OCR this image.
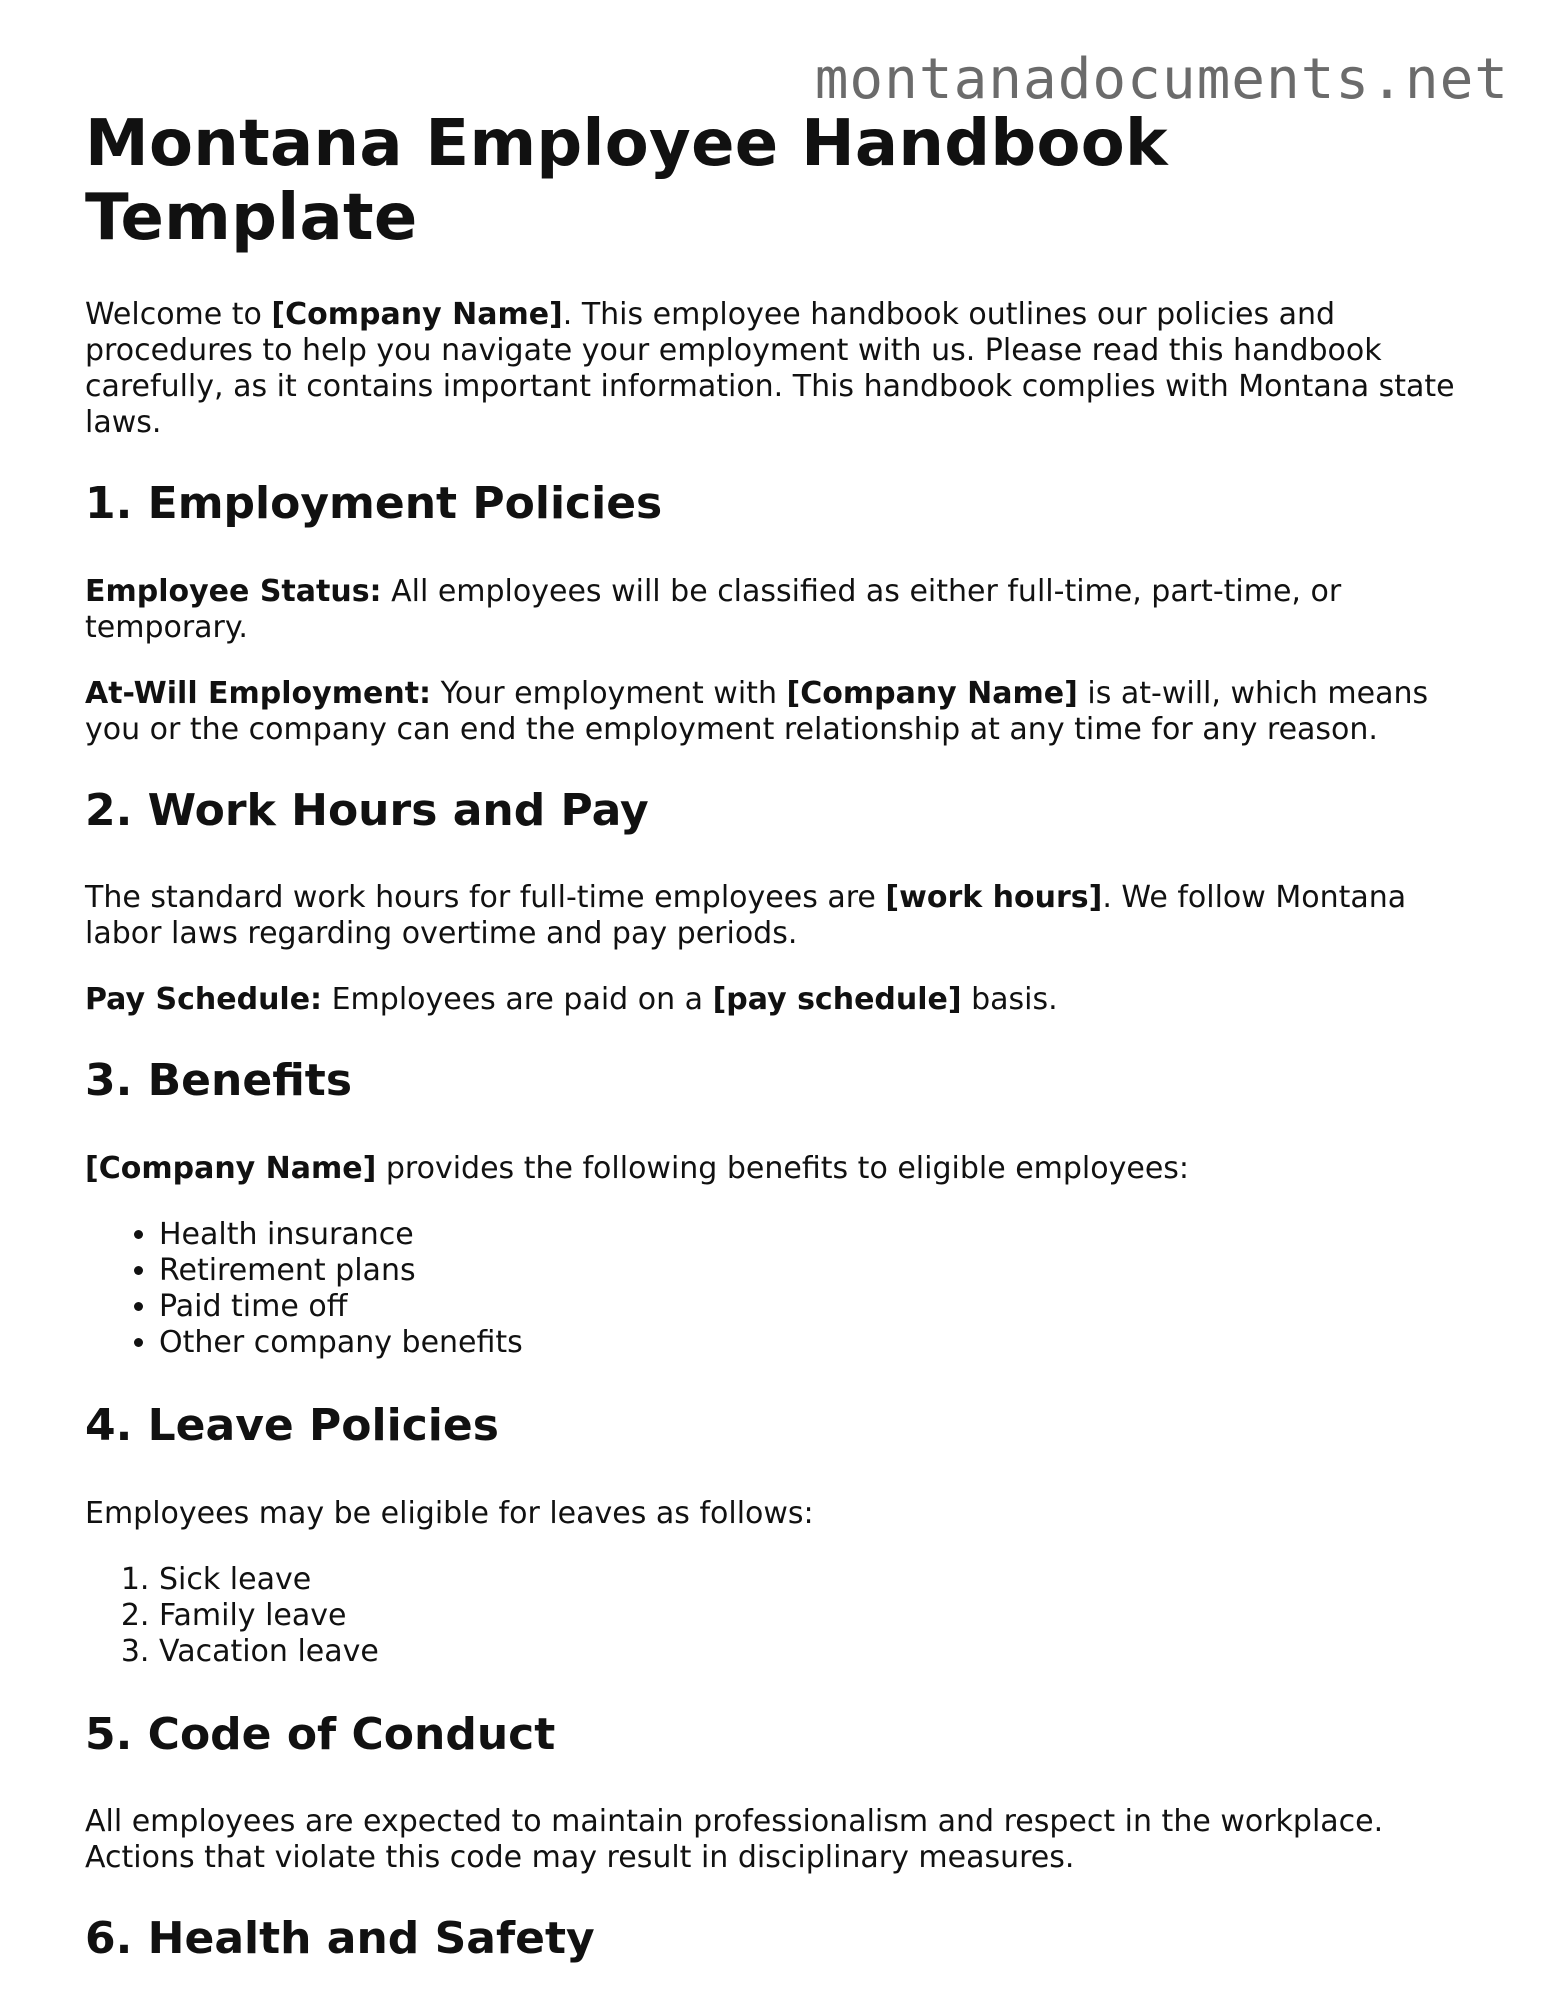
montanadocuments.net
Montana Employee Handbook Template

Welcome to [Company Name]. This employee handbook outlines our policies and procedures to help you navigate your employment with us. Please read this handbook carefully, as it contains important information. This handbook complies with Montana state laws.

1. Employment Policies

Employee Status: All employees will be classified as either full-time, part-time, or temporary.

At-Will Employment: Your employment with [Company Name] is at-will, which means you or the company can end the employment relationship at any time for any reason.

2. Work Hours and Pay

The standard work hours for full-time employees are [work hours]. We follow Montana labor laws regarding overtime and pay periods.

Pay Schedule: Employees are paid on a [pay schedule] basis.

3. Benefits

[Company Name] provides the following benefits to eligible employees:

• Health insurance
• Retirement plans
• Paid time off
• Other company benefits
4. Leave Policies

Employees may be eligible for leaves as follows:

1. Sick leave
2. Family leave
3. Vacation leave
5. Code of Conduct

All employees are expected to maintain professionalism and respect in the workplace. Actions that violate this code may result in disciplinary measures.

6. Health and Safety
